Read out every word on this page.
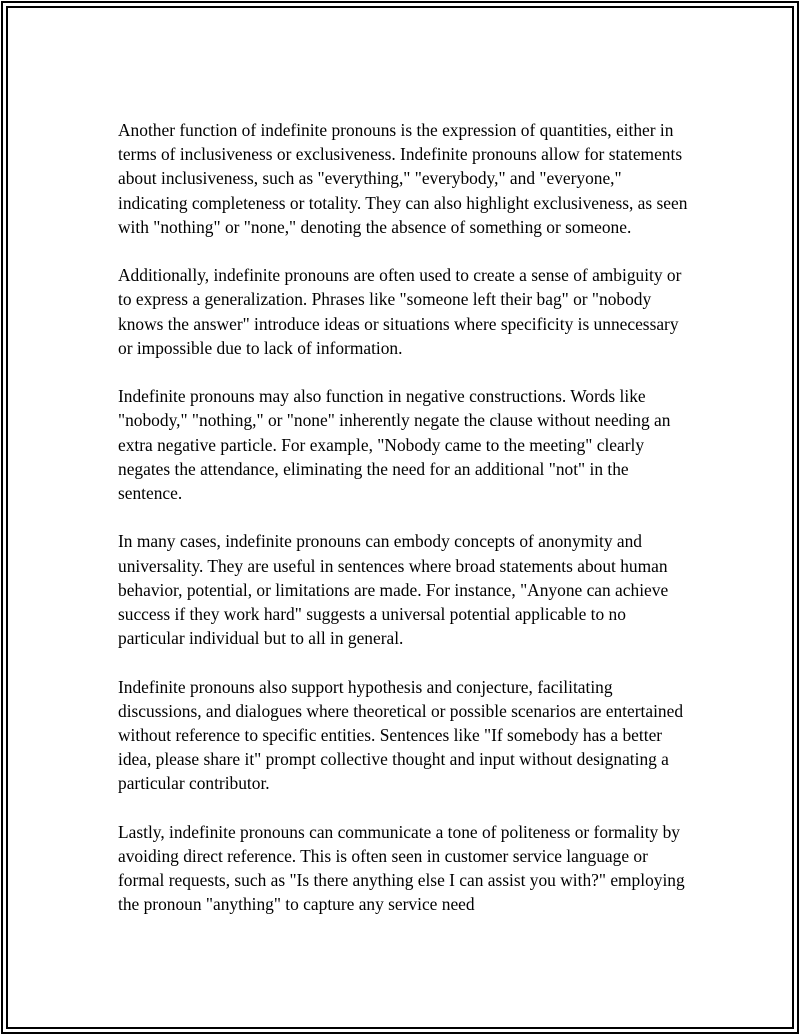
Another function of indefinite pronouns is the expression of quantities, either in terms of inclusiveness or exclusiveness. Indefinite pronouns allow for statements about inclusiveness, such as "everything," "everybody," and "everyone," indicating completeness or totality. They can also highlight exclusiveness, as seen with "nothing" or "none," denoting the absence of something or someone.

Additionally, indefinite pronouns are often used to create a sense of ambiguity or to express a generalization. Phrases like "someone left their bag" or "nobody knows the answer" introduce ideas or situations where specificity is unnecessary or impossible due to lack of information.

Indefinite pronouns may also function in negative constructions. Words like "nobody," "nothing," or "none" inherently negate the clause without needing an extra negative particle. For example, "Nobody came to the meeting" clearly negates the attendance, eliminating the need for an additional "not" in the sentence.

In many cases, indefinite pronouns can embody concepts of anonymity and universality. They are useful in sentences where broad statements about human behavior, potential, or limitations are made. For instance, "Anyone can achieve success if they work hard" suggests a universal potential applicable to no particular individual but to all in general.

Indefinite pronouns also support hypothesis and conjecture, facilitating discussions, and dialogues where theoretical or possible scenarios are entertained without reference to specific entities. Sentences like "If somebody has a better idea, please share it" prompt collective thought and input without designating a particular contributor.

Lastly, indefinite pronouns can communicate a tone of politeness or formality by avoiding direct reference. This is often seen in customer service language or formal requests, such as "Is there anything else I can assist you with?" employing the pronoun "anything" to capture any service need
